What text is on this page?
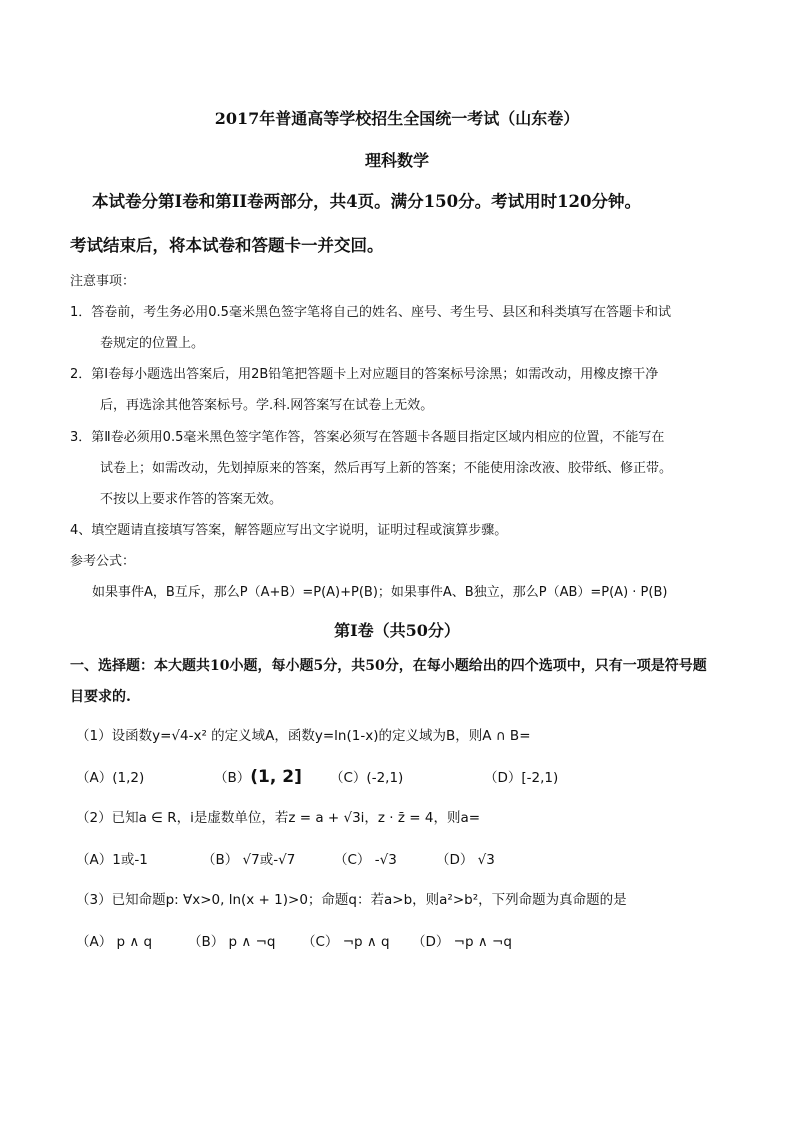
2017年普通高等学校招生全国统一考试（山东卷）
理科数学
本试卷分第Ⅰ卷和第II卷两部分，共4页。满分150分。考试用时120分钟。
考试结束后，将本试卷和答题卡一并交回。
注意事项：
1．答卷前，考生务必用0.5毫米黑色签字笔将自己的姓名、座号、考生号、县区和科类填写在答题卡和试
卷规定的位置上。
2．第Ⅰ卷每小题选出答案后，用2B铅笔把答题卡上对应题目的答案标号涂黑；如需改动，用橡皮擦干净
后，再选涂其他答案标号。学.科.网答案写在试卷上无效。
3．第Ⅱ卷必须用0.5毫米黑色签字笔作答，答案必须写在答题卡各题目指定区域内相应的位置，不能写在
试卷上；如需改动，先划掉原来的答案，然后再写上新的答案；不能使用涂改液、胶带纸、修正带。
不按以上要求作答的答案无效。
4、填空题请直接填写答案，解答题应写出文字说明，证明过程或演算步骤。
参考公式：
如果事件A，B互斥，那么P（A+B）=P(A)+P(B)；如果事件A、B独立，那么P（AB）=P(A) · P(B)
第Ⅰ卷（共50分）
一、选择题：本大题共10小题，每小题5分，共50分，在每小题给出的四个选项中，只有一项是符号题
目要求的.
（1）设函数y=√4-x² 的定义域A，函数y=ln(1-x)的定义域为B，则A ∩ B=
（A）(1,2)	（B）(1, 2] （C）(-2,1)	（D）[-2,1)
（2）已知a ∈ R，i是虚数单位，若z = a + √3i，z · z̄ = 4，则a=
（A）1或-1	（B） √7或-√7	（C） -√3	（D） √3
（3）已知命题p: ∀x>0, ln(x + 1)>0；命题q：若a>b，则a²>b²，下列命题为真命题的是
（A） p ∧ q	（B） p ∧ ¬q （C） ¬p ∧ q （D） ¬p ∧ ¬q
